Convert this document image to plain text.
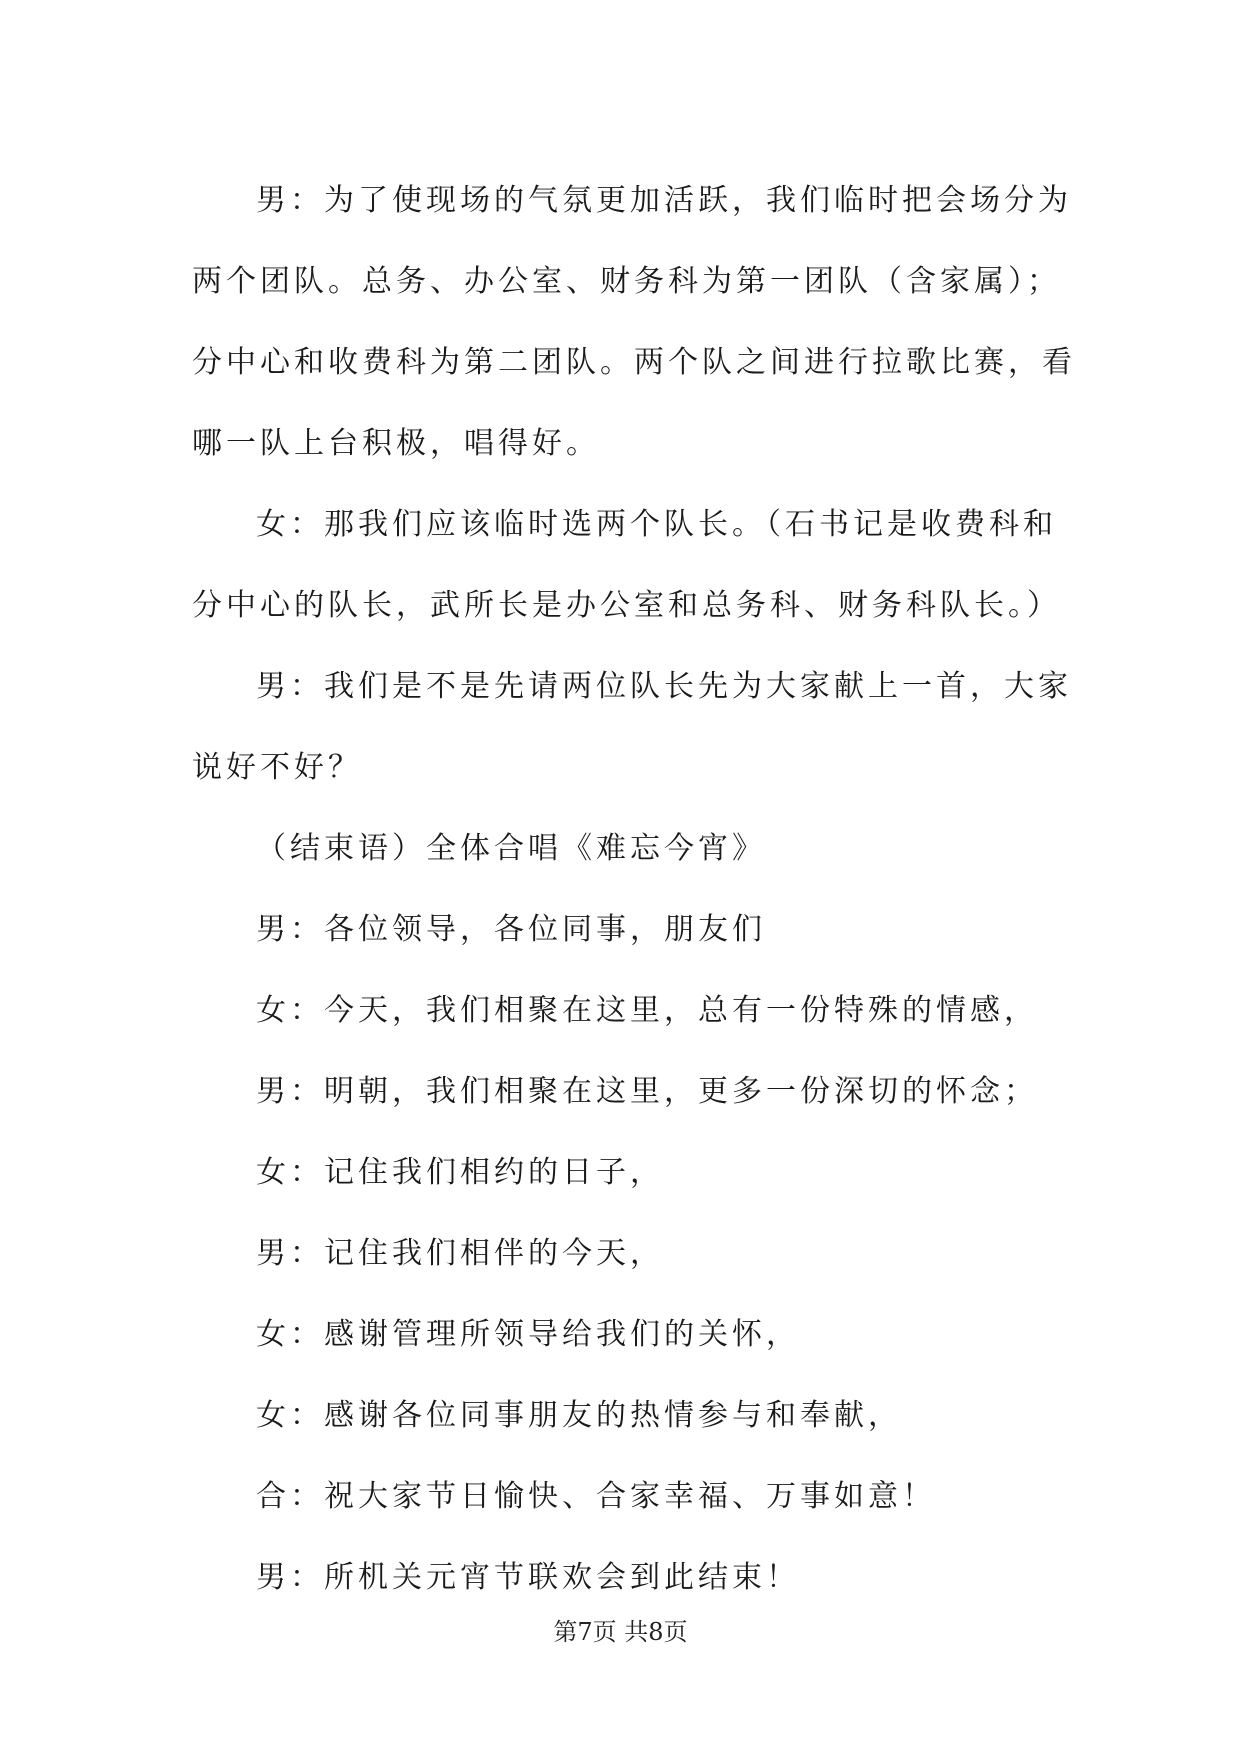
男：为了使现场的气氛更加活跃，我们临时把会场分为
两个团队。总务、办公室、财务科为第一团队（含家属）；
分中心和收费科为第二团队。两个队之间进行拉歌比赛，看
哪一队上台积极，唱得好。

女：那我们应该临时选两个队长。（石书记是收费科和
分中心的队长，武所长是办公室和总务科、财务科队长。）

男：我们是不是先请两位队长先为大家献上一首，大家
说好不好？

（结束语）全体合唱《难忘今宵》

男：各位领导，各位同事，朋友们

女：今天，我们相聚在这里，总有一份特殊的情感，

男：明朝，我们相聚在这里，更多一份深切的怀念；

女：记住我们相约的日子，

男：记住我们相伴的今天，

女：感谢管理所领导给我们的关怀，

女：感谢各位同事朋友的热情参与和奉献，

合：祝大家节日愉快、合家幸福、万事如意！

男：所机关元宵节联欢会到此结束！

第7页 共8页
